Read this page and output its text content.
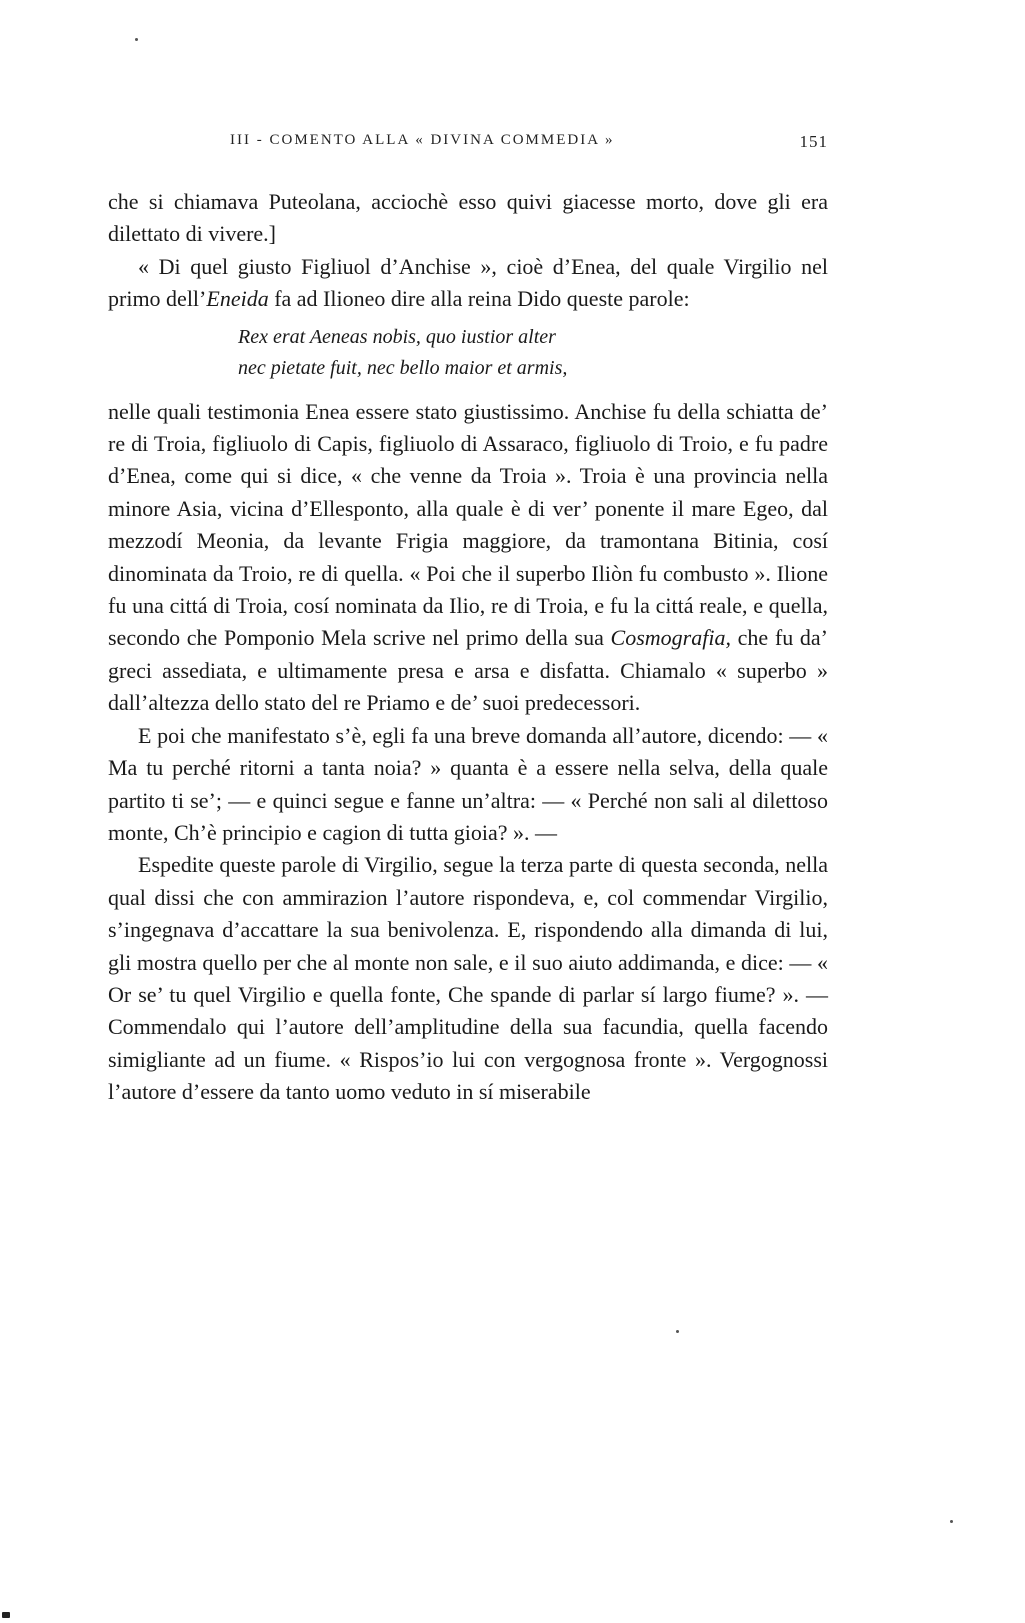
III - COMENTO ALLA « DIVINA COMMEDIA »	151

che si chiamava Puteolana, acciochè esso quivi giacesse morto, dove gli era dilettato di vivere.]

« Di quel giusto Figliuol d’Anchise », cioè d’Enea, del quale Virgilio nel primo dell’Eneida fa ad Ilioneo dire alla reina Dido queste parole:

Rex erat Aeneas nobis, quo iustior alter
nec pietate fuit, nec bello maior et armis,

nelle quali testimonia Enea essere stato giustissimo. Anchise fu della schiatta de’ re di Troia, figliuolo di Capis, figliuolo di Assaraco, figliuolo di Troio, e fu padre d’Enea, come qui si dice, « che venne da Troia ». Troia è una provincia nella minore Asia, vicina d’Ellesponto, alla quale è di ver’ ponente il mare Egeo, dal mezzodí Meonia, da levante Frigia maggiore, da tramontana Bitinia, cosí dinominata da Troio, re di quella. « Poi che il superbo Iliòn fu combusto ». Ilione fu una cittá di Troia, cosí nominata da Ilio, re di Troia, e fu la cittá reale, e quella, secondo che Pomponio Mela scrive nel primo della sua Cosmografia, che fu da’ greci assediata, e ultimamente presa e arsa e disfatta. Chiamalo « superbo » dall’altezza dello stato del re Priamo e de’ suoi predecessori.

E poi che manifestato s’è, egli fa una breve domanda all’autore, dicendo: — « Ma tu perché ritorni a tanta noia? » quanta è a essere nella selva, della quale partito ti se’; — e quinci segue e fanne un’altra: — « Perché non sali al dilettoso monte, Ch’è principio e cagion di tutta gioia? ». —

Espedite queste parole di Virgilio, segue la terza parte di questa seconda, nella qual dissi che con ammirazion l’autore rispondeva, e, col commendar Virgilio, s’ingegnava d’accattare la sua benivolenza. E, rispondendo alla dimanda di lui, gli mostra quello per che al monte non sale, e il suo aiuto addimanda, e dice: — « Or se’ tu quel Virgilio e quella fonte, Che spande di parlar sí largo fiume? ». — Commendalo qui l’autore dell’amplitudine della sua facundia, quella facendo simigliante ad un fiume. « Rispos’io lui con vergognosa fronte ». Vergognossi l’autore d’essere da tanto uomo veduto in sí miserabile
